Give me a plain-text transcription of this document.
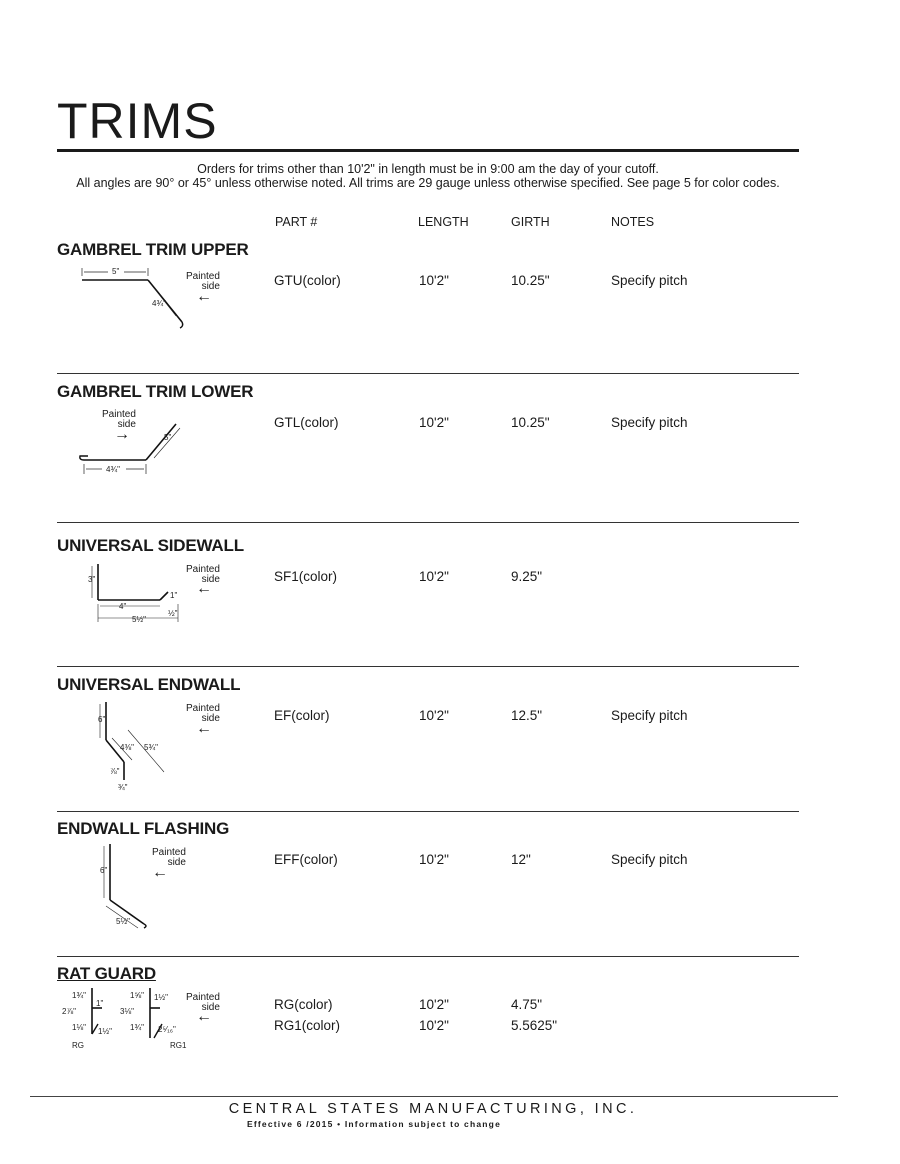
TRIMS
Orders for trims other than 10'2" in length must be in 9:00 am the day of your cutoff.
All angles are 90° or 45° unless otherwise noted. All trims are 29 gauge unless otherwise specified. See page 5 for color codes.
PART #	LENGTH	GIRTH	NOTES
GAMBREL TRIM UPPER
5"
4¾"
Painted
side
←
GTU(color)	10'2"	10.25"	Specify pitch
GAMBREL TRIM LOWER
Painted
side
→	5"
4¾"
GTL(color)	10'2"	10.25"	Specify pitch
UNIVERSAL SIDEWALL
3"
4"
1"
5½"
½"
Painted
side
←
SF1(color)	10'2"	9.25"
UNIVERSAL ENDWALL
6"
4⅜" 5¾"
⅞"
¾"
Painted
side
←
EF(color)	10'2"	12.5"	Specify pitch
ENDWALL FLASHING
6"
5½"
Painted
side
←
EFF(color)	10'2"	12"	Specify pitch
RAT GUARD
1¾"
1"
2⅞"
1⅛" 1½"
RG
1⅝" 1½"
3⅛"
1¾" 2⁵⁄₁₆"
RG1
Painted
side
←
RG(color)	10'2"	4.75"
RG1(color)	10'2"	5.5625"
CENTRAL STATES MANUFACTURING, INC.
Effective 6 /2015 • Information subject to change
